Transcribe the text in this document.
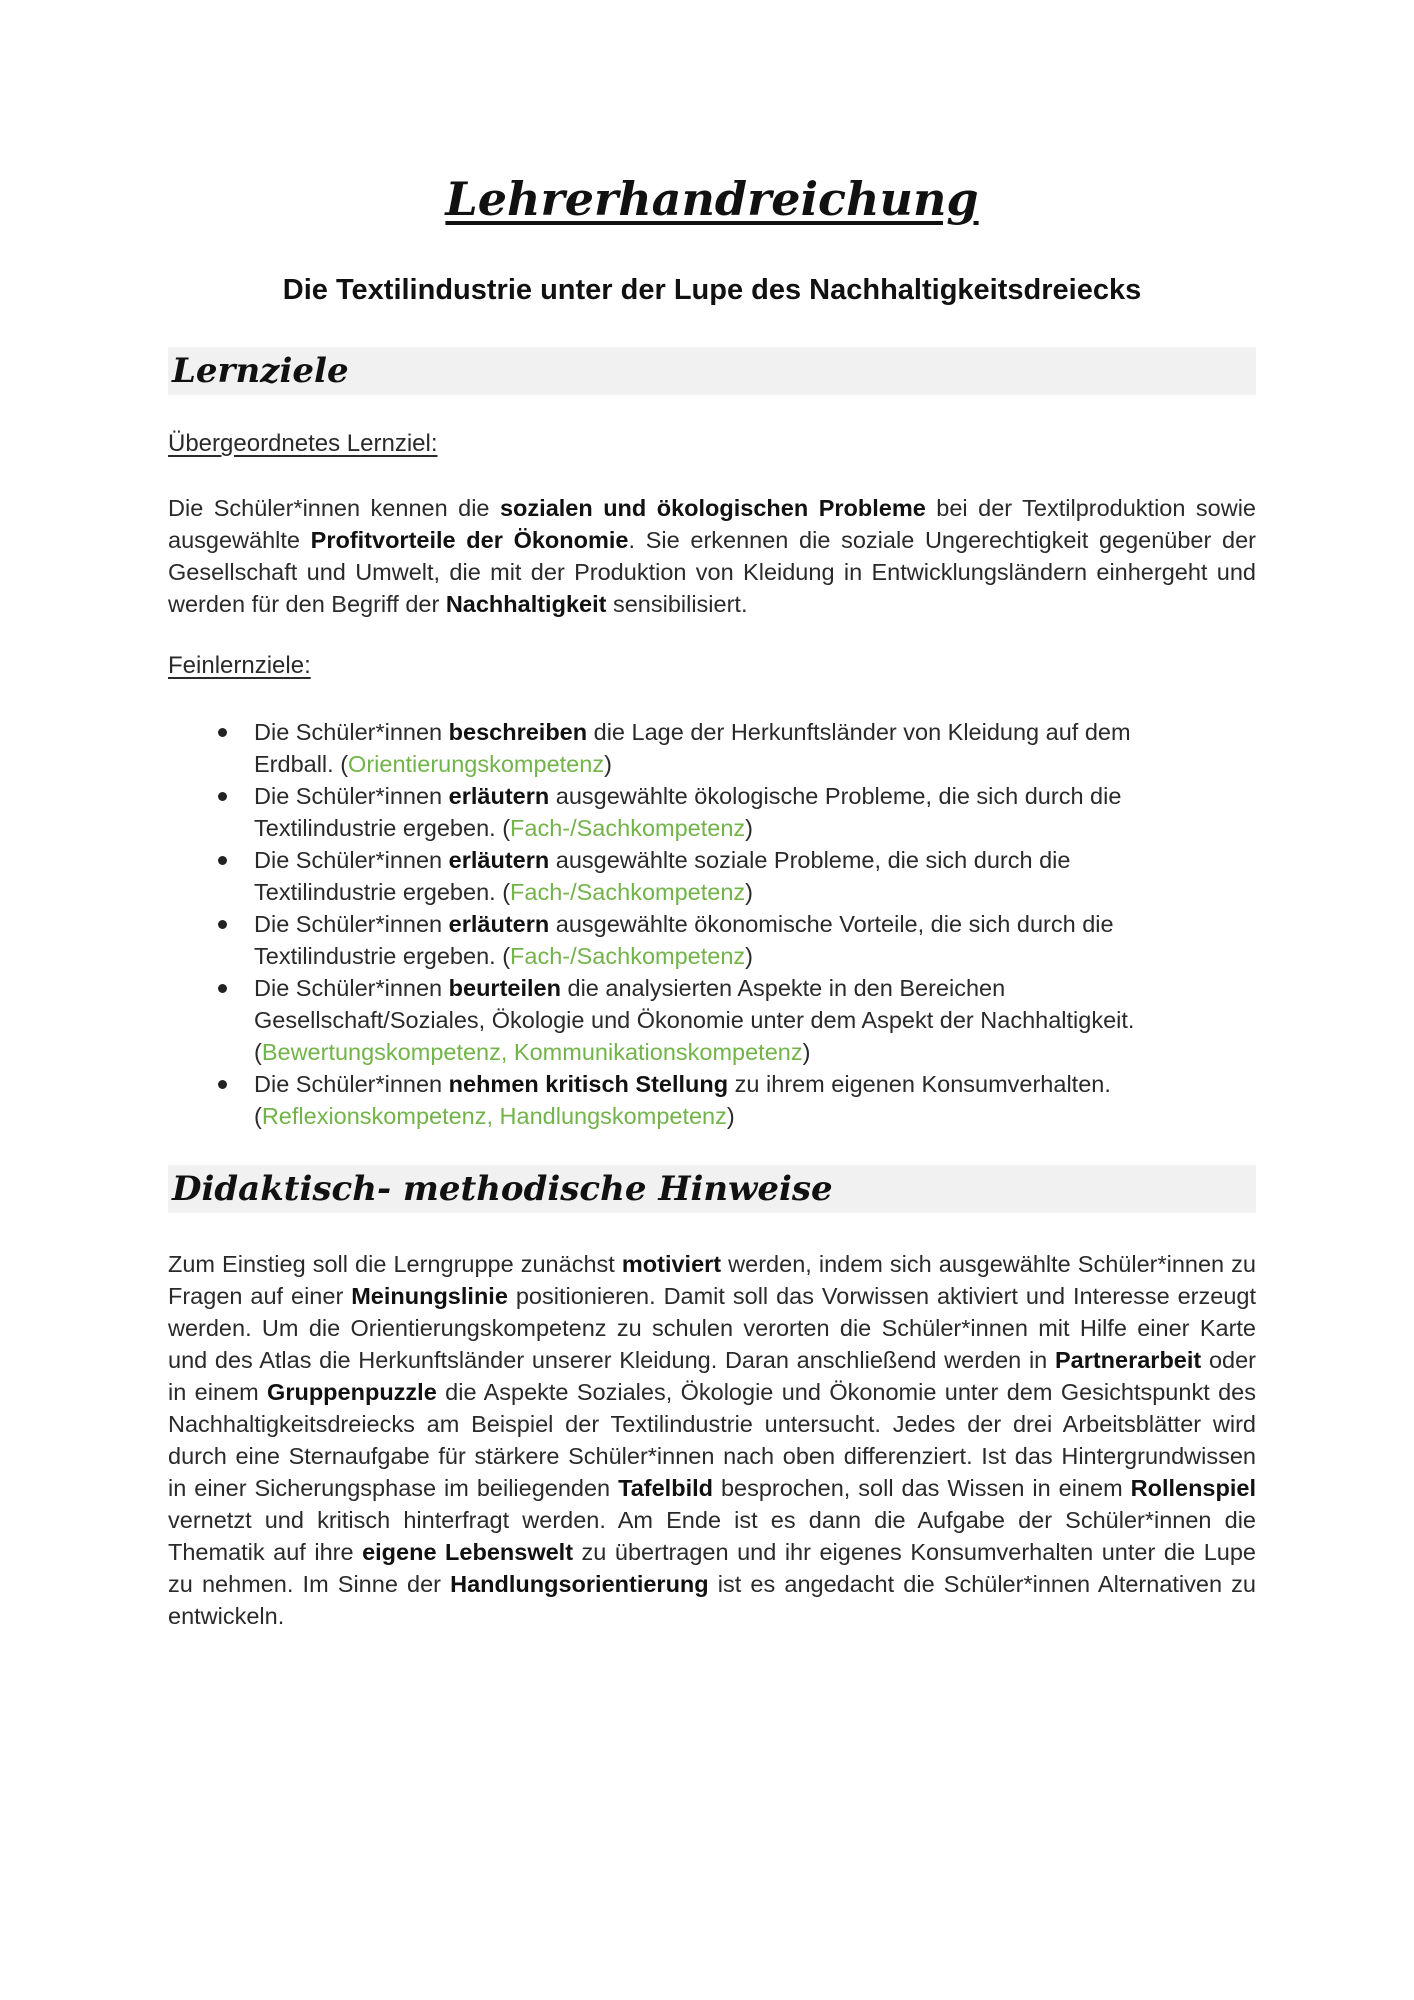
Lehrerhandreichung
Die Textilindustrie unter der Lupe des Nachhaltigkeitsdreiecks
Lernziele

Übergeordnetes Lernziel:

Die Schüler*innen kennen die sozialen und ökologischen Probleme bei der Textilproduktion sowie ausgewählte Profitvorteile der Ökonomie. Sie erkennen die soziale Ungerechtigkeit gegenüber der Gesellschaft und Umwelt, die mit der Produktion von Kleidung in Entwicklungsländern einhergeht und werden für den Begriff der Nachhaltigkeit sensibilisiert.

Feinlernziele:

Die Schüler*innen beschreiben die Lage der Herkunftsländer von Kleidung auf dem Erdball. (Orientierungskompetenz)
Die Schüler*innen erläutern ausgewählte ökologische Probleme, die sich durch die Textilindustrie ergeben. (Fach-/Sachkompetenz)
Die Schüler*innen erläutern ausgewählte soziale Probleme, die sich durch die Textilindustrie ergeben. (Fach-/Sachkompetenz)
Die Schüler*innen erläutern ausgewählte ökonomische Vorteile, die sich durch die Textilindustrie ergeben. (Fach-/Sachkompetenz)
Die Schüler*innen beurteilen die analysierten Aspekte in den Bereichen Gesellschaft/Soziales, Ökologie und Ökonomie unter dem Aspekt der Nachhaltigkeit. (Bewertungskompetenz, Kommunikationskompetenz)
Die Schüler*innen nehmen kritisch Stellung zu ihrem eigenen Konsumverhalten. (Reflexionskompetenz, Handlungskompetenz)
Didaktisch- methodische Hinweise

Zum Einstieg soll die Lerngruppe zunächst motiviert werden, indem sich ausgewählte Schüler*innen zu Fragen auf einer Meinungslinie positionieren. Damit soll das Vorwissen aktiviert und Interesse erzeugt werden. Um die Orientierungskompetenz zu schulen verorten die Schüler*innen mit Hilfe einer Karte und des Atlas die Herkunftsländer unserer Kleidung. Daran anschließend werden in Partnerarbeit oder in einem Gruppenpuzzle die Aspekte Soziales, Ökologie und Ökonomie unter dem Gesichtspunkt des Nachhaltigkeitsdreiecks am Beispiel der Textilindustrie untersucht. Jedes der drei Arbeitsblätter wird durch eine Sternaufgabe für stärkere Schüler*innen nach oben differenziert. Ist das Hintergrundwissen in einer Sicherungsphase im beiliegenden Tafelbild besprochen, soll das Wissen in einem Rollenspiel vernetzt und kritisch hinterfragt werden. Am Ende ist es dann die Aufgabe der Schüler*innen die Thematik auf ihre eigene Lebenswelt zu übertragen und ihr eigenes Konsumverhalten unter die Lupe zu nehmen. Im Sinne der Handlungsorientierung ist es angedacht die Schüler*innen Alternativen zu entwickeln.
